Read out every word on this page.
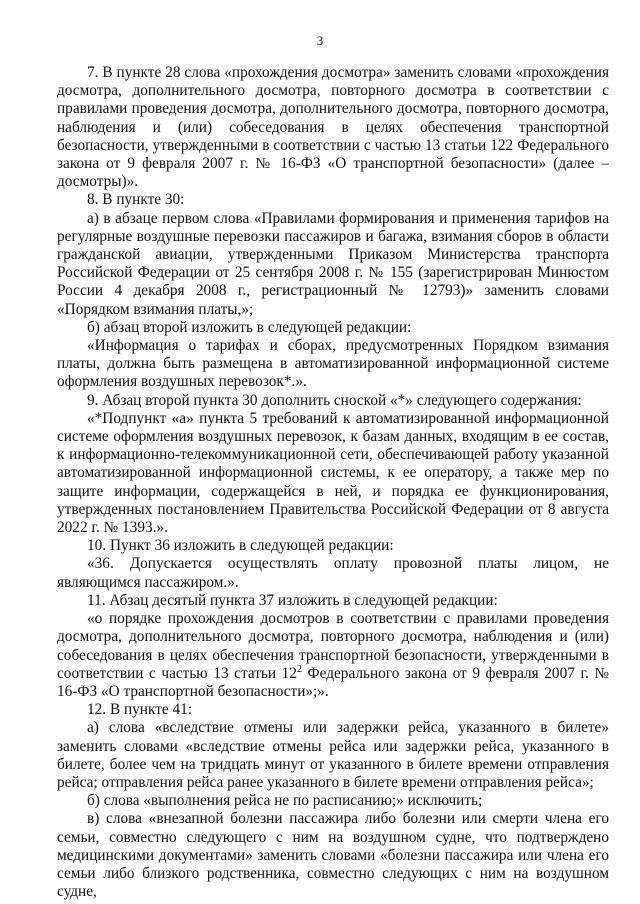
3

7. В пункте 28 слова «прохождения досмотра» заменить словами «прохождения досмотра, дополнительного досмотра, повторного досмотра в соответствии с правилами проведения досмотра, дополнительного досмотра, повторного досмотра, наблюдения и (или) собеседования в целях обеспечения транспортной безопасности, утвержденными в соответствии с частью 13 статьи 122 Федерального закона от 9 февраля 2007 г. № 16-ФЗ «О транспортной безопасности» (далее – досмотры)».

8. В пункте 30:

а) в абзаце первом слова «Правилами формирования и применения тарифов на регулярные воздушные перевозки пассажиров и багажа, взимания сборов в области гражданской авиации, утвержденными Приказом Министерства транспорта Российской Федерации от 25 сентября 2008 г. № 155 (зарегистрирован Минюстом России 4 декабря 2008 г., регистрационный № 12793)» заменить словами «Порядком взимания платы,»;

б) абзац второй изложить в следующей редакции:

«Информация о тарифах и сборах, предусмотренных Порядком взимания платы, должна быть размещена в автоматизированной информационной системе оформления воздушных перевозок*.».

9. Абзац второй пункта 30 дополнить сноской «*» следующего содержания:

«*Подпункт «а» пункта 5 требований к автоматизированной информационной системе оформления воздушных перевозок, к базам данных, входящим в ее состав, к информационно-телекоммуникационной сети, обеспечивающей работу указанной автоматизированной информационной системы, к ее оператору, а также мер по защите информации, содержащейся в ней, и порядка ее функционирования, утвержденных постановлением Правительства Российской Федерации от 8 августа 2022 г. № 1393.».

10. Пункт 36 изложить в следующей редакции:

«36. Допускается осуществлять оплату провозной платы лицом, не являющимся пассажиром.».

11. Абзац десятый пункта 37 изложить в следующей редакции:

«о порядке прохождения досмотров в соответствии с правилами проведения досмотра, дополнительного досмотра, повторного досмотра, наблюдения и (или) собеседования в целях обеспечения транспортной безопасности, утвержденными в соответствии с частью 13 статьи $12^2$ Федерального закона от 9 февраля 2007 г. № 16-ФЗ «О транспортной безопасности»;».

12. В пункте 41:

а) слова «вследствие отмены или задержки рейса, указанного в билете» заменить словами «вследствие отмены рейса или задержки рейса, указанного в билете, более чем на тридцать минут от указанного в билете времени отправления рейса; отправления рейса ранее указанного в билете времени отправления рейса»;

б) слова «выполнения рейса не по расписанию;» исключить;

в) слова «внезапной болезни пассажира либо болезни или смерти члена его семьи, совместно следующего с ним на воздушном судне, что подтверждено медицинскими документами» заменить словами «болезни пассажира или члена его семьи либо близкого родственника, совместно следующих с ним на воздушном судне,
